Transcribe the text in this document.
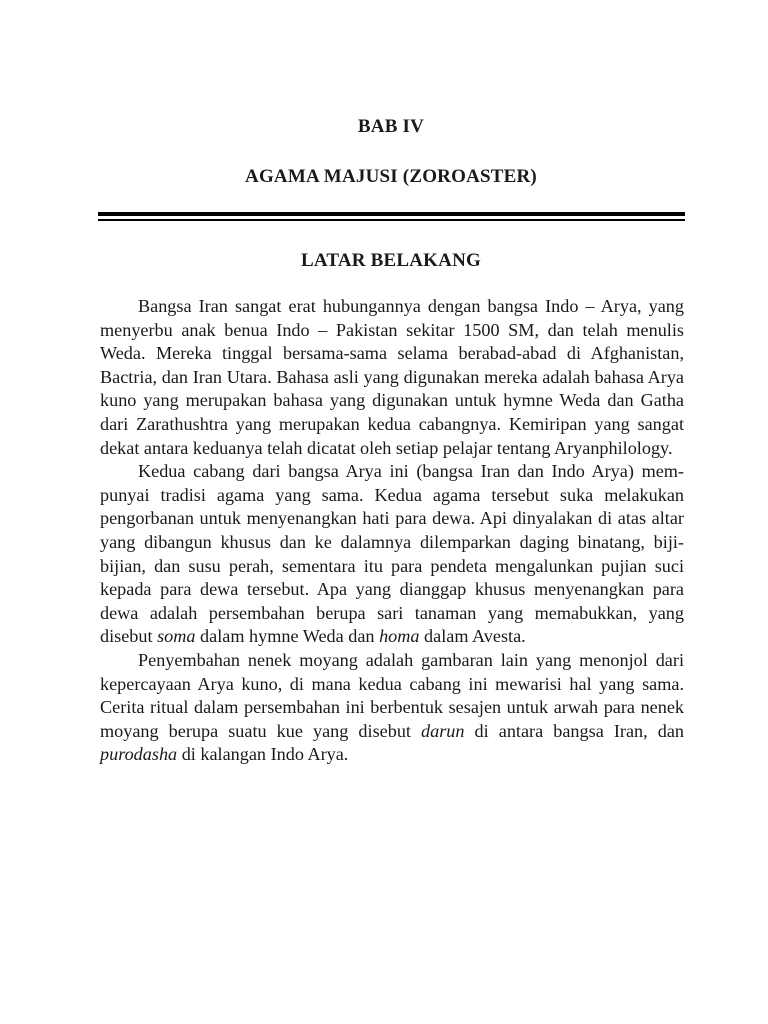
BAB IV
AGAMA MAJUSI (ZOROASTER)
LATAR BELAKANG

Bangsa Iran sangat erat hubungannya dengan bangsa Indo – Arya, yang menyerbu anak benua Indo – Pakistan sekitar 1500 SM, dan telah menulis Weda. Mereka tinggal bersama-sama selama berabad-abad di Afghanistan, Bactria, dan Iran Utara. Bahasa asli yang digunakan mereka adalah bahasa Arya kuno yang merupakan bahasa yang digunakan untuk hymne Weda dan Gatha dari Zarathushtra yang merupakan kedua cabangnya. Kemiripan yang sangat dekat antara keduanya telah dicatat oleh setiap pelajar tentang Aryanphilology.

Kedua cabang dari bangsa Arya ini (bangsa Iran dan Indo Arya) mem-punyai tradisi agama yang sama. Kedua agama tersebut suka melakukan pengorbanan untuk menyenangkan hati para dewa. Api dinyalakan di atas altar yang dibangun khusus dan ke dalamnya dilemparkan daging binatang, biji-bijian, dan susu perah, sementara itu para pendeta mengalunkan pujian suci kepada para dewa tersebut. Apa yang dianggap khusus menyenangkan para dewa adalah persembahan berupa sari tanaman yang memabukkan, yang disebut soma dalam hymne Weda dan homa dalam Avesta.

Penyembahan nenek moyang adalah gambaran lain yang menonjol dari kepercayaan Arya kuno, di mana kedua cabang ini mewarisi hal yang sama. Cerita ritual dalam persembahan ini berbentuk sesajen untuk arwah para nenek moyang berupa suatu kue yang disebut darun di antara bangsa Iran, dan purodasha di kalangan Indo Arya.
